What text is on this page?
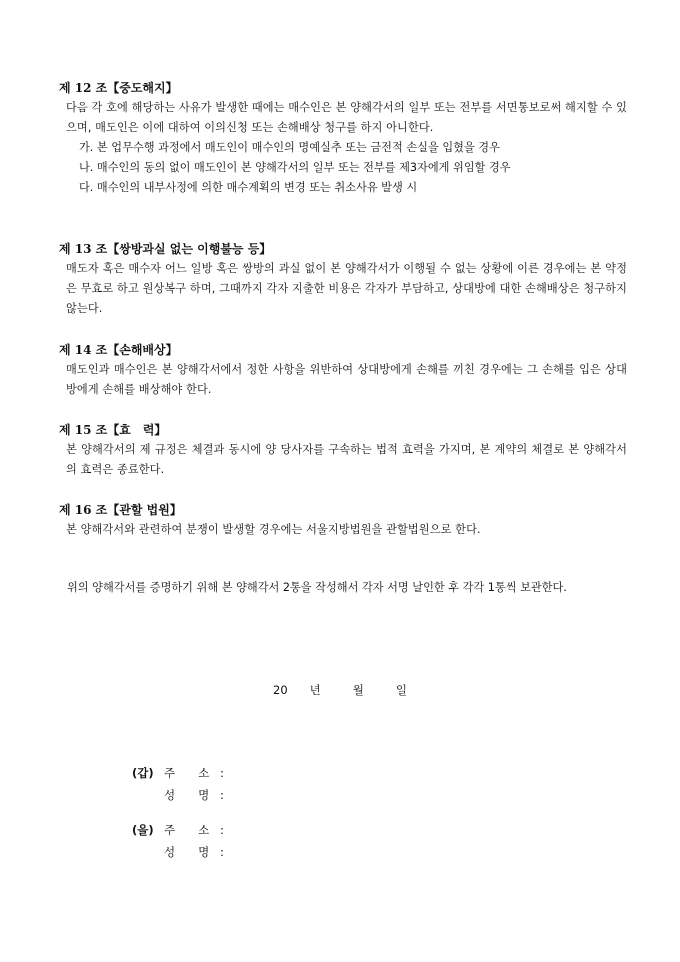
제 12 조【중도해지】

다음 각 호에 해당하는 사유가 발생한 때에는 매수인은 본 양해각서의 일부 또는 전부를 서면통보로써 해지할 수 있으며, 매도인은 이에 대하여 이의신청 또는 손해배상 청구를 하지 아니한다.

가. 본 업무수행 과정에서 매도인이 매수인의 명예실추 또는 금전적 손실을 입혔을 경우
나. 매수인의 동의 없이 매도인이 본 양해각서의 일부 또는 전부를 제3자에게 위임할 경우
다. 매수인의 내부사정에 의한 매수계획의 변경 또는 취소사유 발생 시
제 13 조【쌍방과실 없는 이행불능 등】

매도자 혹은 매수자 어느 일방 혹은 쌍방의 과실 없이 본 양해각서가 이행될 수 없는 상황에 이른 경우에는 본 약정은 무효로 하고 원상복구 하며, 그때까지 각자 지출한 비용은 각자가 부담하고, 상대방에 대한 손해배상은 청구하지 않는다.

제 14 조【손해배상】

매도인과 매수인은 본 양해각서에서 정한 사항을 위반하여 상대방에게 손해를 끼친 경우에는 그 손해를 입은 상대방에게 손해를 배상해야 한다.

제 15 조【효　력】

본 양해각서의 제 규정은 체결과 동시에 양 당사자를 구속하는 법적 효력을 가지며, 본 계약의 체결로 본 양해각서의 효력은 종료한다.

제 16 조【관할 법원】

본 양해각서와 관련하여 분쟁이 발생할 경우에는 서울지방법원을 관할법원으로 한다.

위의 양해각서를 증명하기 위해 본 양해각서 2통을 작성해서 각자 서명 날인한 후 각각 1통씩 보관한다.

20 년	월	일
(갑) 주　　소 :
성　　명 :
(을) 주　　소 :
성　　명 :
